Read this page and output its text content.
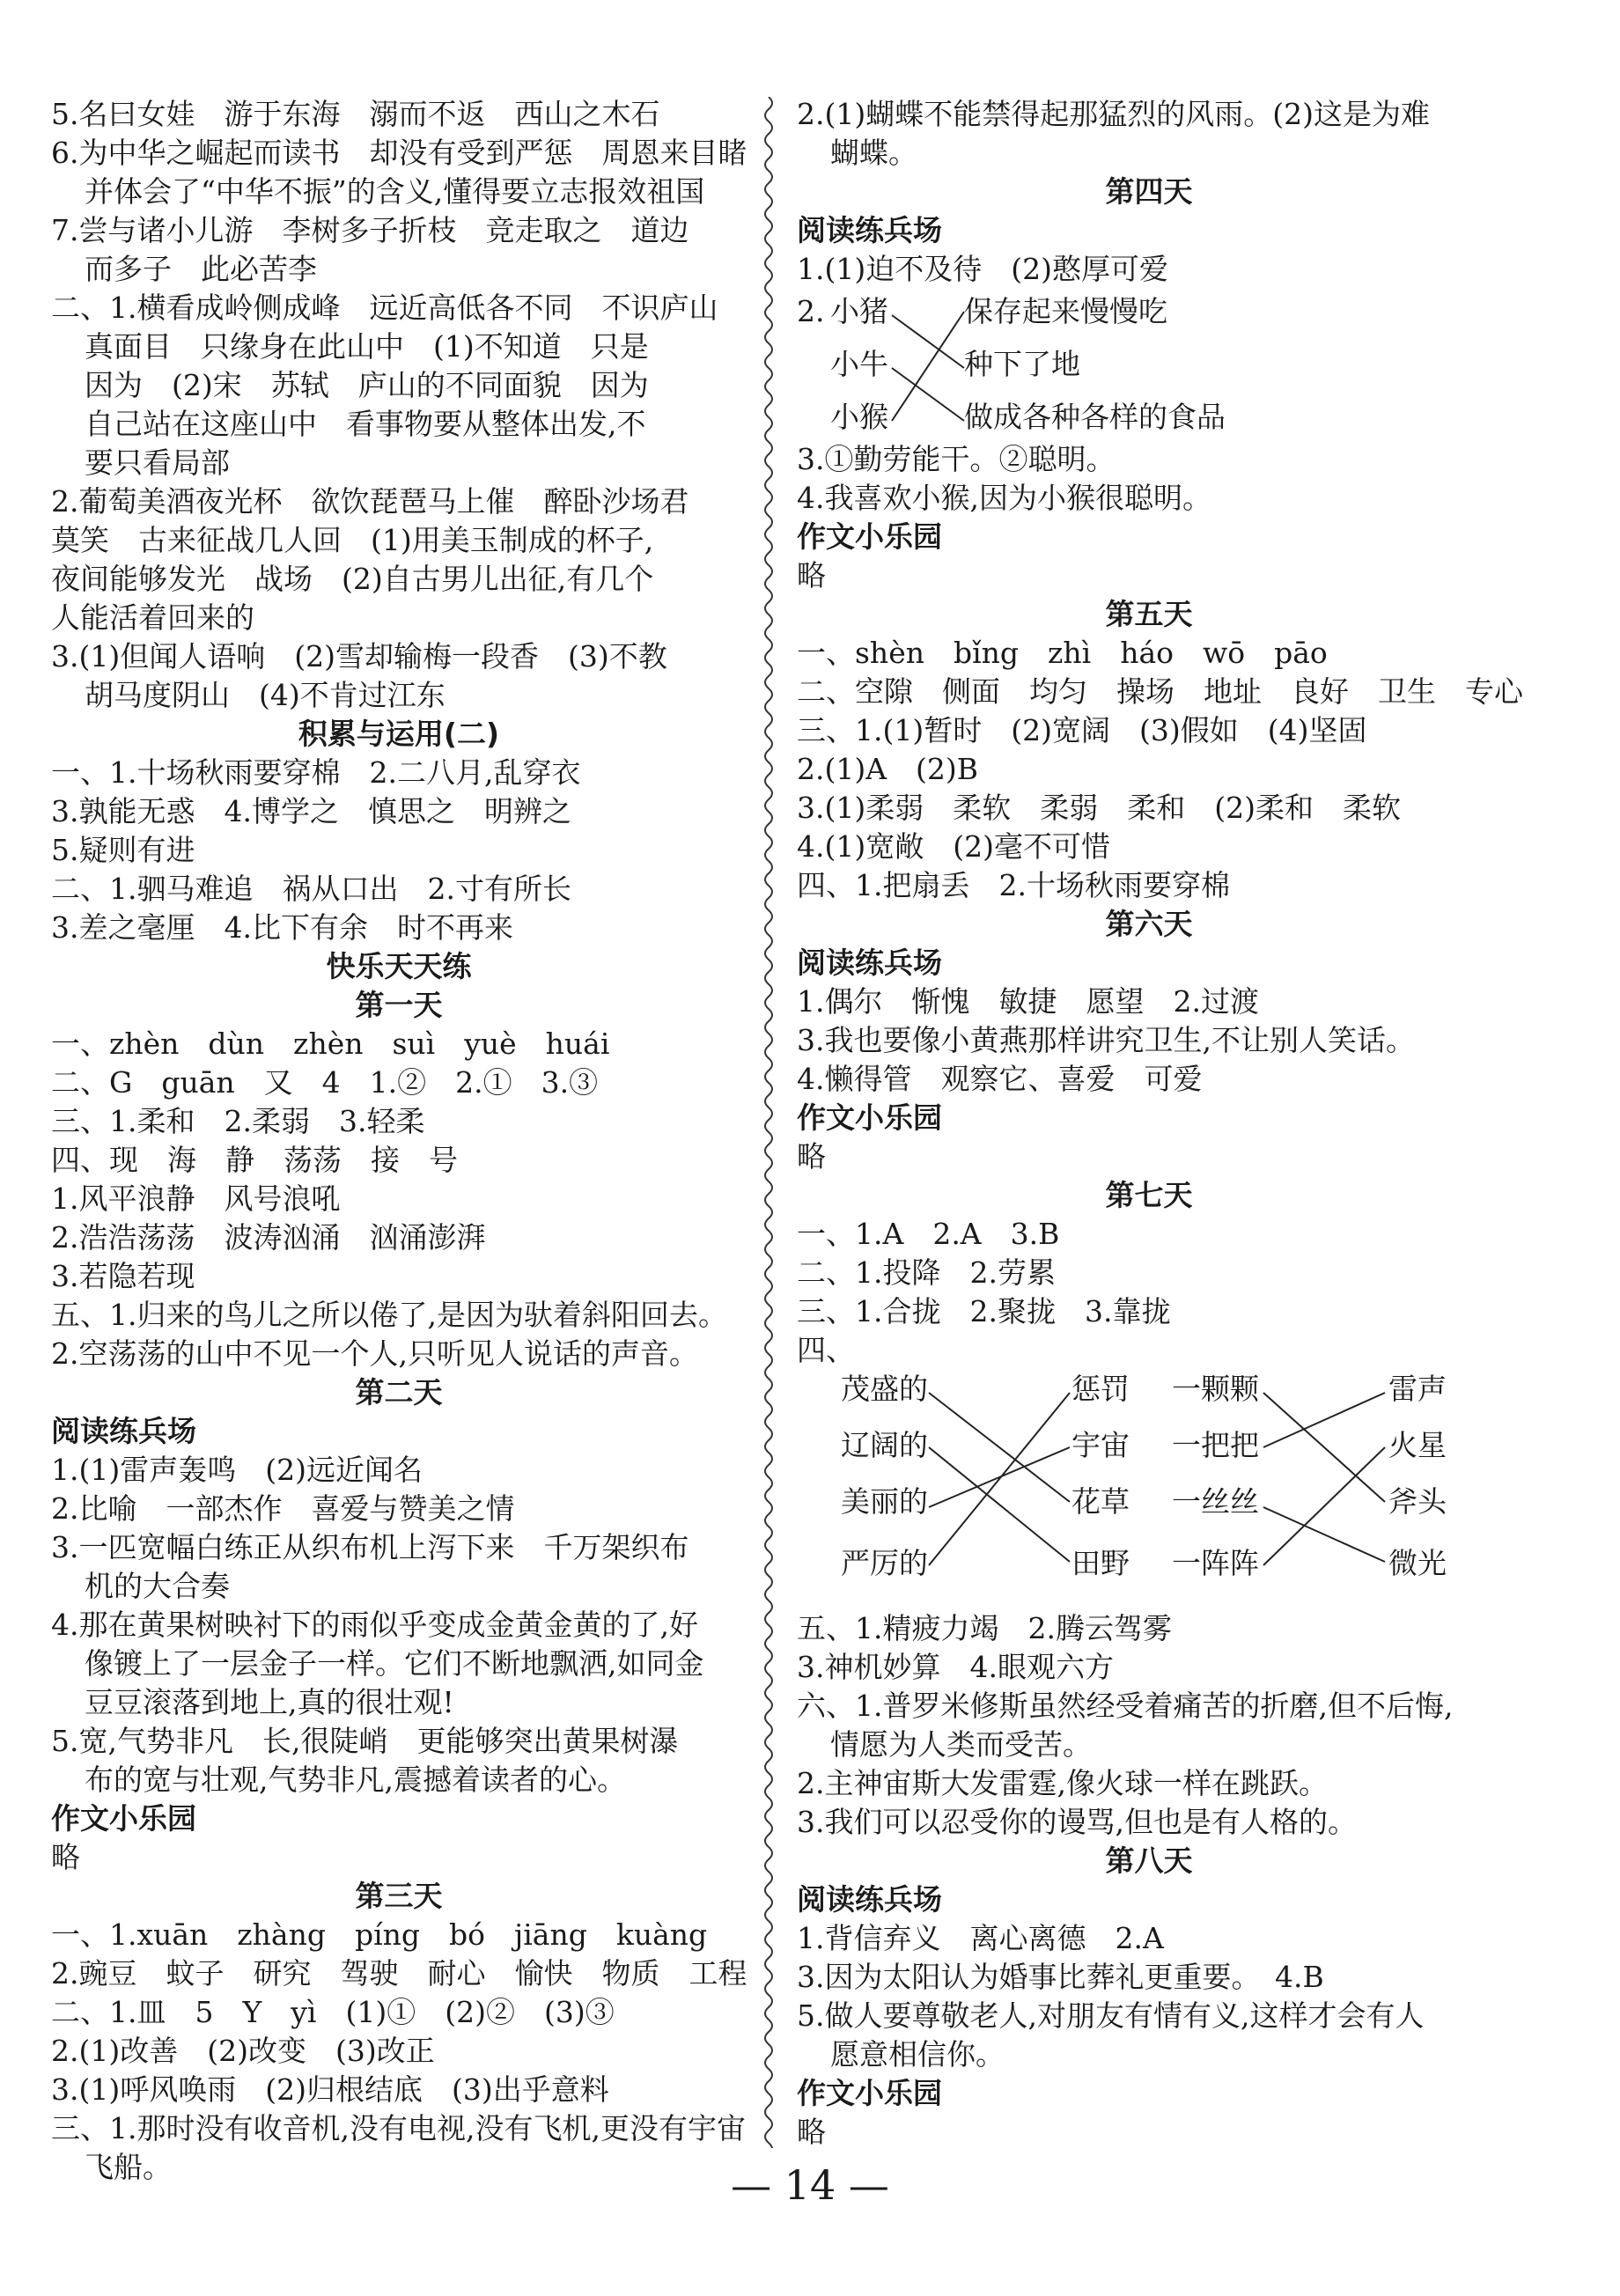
5.名曰女娃　游于东海　溺而不返　西山之木石
6.为中华之崛起而读书　却没有受到严惩　周恩来目睹
并体会了“中华不振”的含义,懂得要立志报效祖国
7.尝与诸小儿游　李树多子折枝　竞走取之　道边
而多子　此必苦李
二、1.横看成岭侧成峰　远近高低各不同　不识庐山
真面目　只缘身在此山中　(1)不知道　只是
因为　(2)宋　苏轼　庐山的不同面貌　因为
自己站在这座山中　看事物要从整体出发,不
要只看局部
2.葡萄美酒夜光杯　欲饮琵琶马上催　醉卧沙场君
莫笑　古来征战几人回　(1)用美玉制成的杯子,
夜间能够发光　战场　(2)自古男儿出征,有几个
人能活着回来的
3.(1)但闻人语响　(2)雪却输梅一段香　(3)不教
胡马度阴山　(4)不肯过江东
积累与运用(二)
一、1.十场秋雨要穿棉　2.二八月,乱穿衣
3.孰能无惑　4.博学之　慎思之　明辨之
5.疑则有进
二、1.驷马难追　祸从口出　2.寸有所长
3.差之毫厘　4.比下有余　时不再来
快乐天天练
第一天
一、zhèn　dùn　zhèn　suì　yuè　huái
二、G　guān　又　4　1.②　2.①　3.③
三、1.柔和　2.柔弱　3.轻柔
四、现　海　静　荡荡　接　号
1.风平浪静　风号浪吼
2.浩浩荡荡　波涛汹涌　汹涌澎湃
3.若隐若现
五、1.归来的鸟儿之所以倦了,是因为驮着斜阳回去。
2.空荡荡的山中不见一个人,只听见人说话的声音。
第二天
阅读练兵场
1.(1)雷声轰鸣　(2)远近闻名
2.比喻　一部杰作　喜爱与赞美之情
3.一匹宽幅白练正从织布机上泻下来　千万架织布
机的大合奏
4.那在黄果树映衬下的雨似乎变成金黄金黄的了,好
像镀上了一层金子一样。它们不断地飘洒,如同金
豆豆滚落到地上,真的很壮观!
5.宽,气势非凡　长,很陡峭　更能够突出黄果树瀑
布的宽与壮观,气势非凡,震撼着读者的心。
作文小乐园
略
第三天
一、1.xuān　zhàng　píng　bó　jiāng　kuàng
2.豌豆　蚊子　研究　驾驶　耐心　愉快　物质　工程
二、1.皿　5　Y　yì　(1)①　(2)②　(3)③
2.(1)改善　(2)改变　(3)改正
3.(1)呼风唤雨　(2)归根结底　(3)出乎意料
三、1.那时没有收音机,没有电视,没有飞机,更没有宇宙
飞船。
2.(1)蝴蝶不能禁得起那猛烈的风雨。(2)这是为难
蝴蝶。
第四天
阅读练兵场
1.(1)迫不及待　(2)憨厚可爱
2. 小猪
小牛
小猴
保存起来慢慢吃
种下了地
做成各种各样的食品
3.①勤劳能干。②聪明。
4.我喜欢小猴,因为小猴很聪明。
作文小乐园
略
第五天
一、shèn　bǐng　zhì　háo　wō　pāo
二、空隙　侧面　均匀　操场　地址　良好　卫生　专心
三、1.(1)暂时　(2)宽阔　(3)假如　(4)坚固
2.(1)A　(2)B
3.(1)柔弱　柔软　柔弱　柔和　(2)柔和　柔软
4.(1)宽敞　(2)毫不可惜
四、1.把扇丢　2.十场秋雨要穿棉
第六天
阅读练兵场
1.偶尔　惭愧　敏捷　愿望　2.过渡
3.我也要像小黄燕那样讲究卫生,不让别人笑话。
4.懒得管　观察它、喜爱　可爱
作文小乐园
略
第七天
一、1.A　2.A　3.B
二、1.投降　2.劳累
三、1.合拢　2.聚拢　3.靠拢
四、
茂盛的
辽阔的
美丽的
严厉的
惩罚
宇宙
花草
田野
一颗颗
一把把
一丝丝
一阵阵
雷声
火星
斧头
微光
五、1.精疲力竭　2.腾云驾雾
3.神机妙算　4.眼观六方
六、1.普罗米修斯虽然经受着痛苦的折磨,但不后悔,
情愿为人类而受苦。
2.主神宙斯大发雷霆,像火球一样在跳跃。
3.我们可以忍受你的谩骂,但也是有人格的。
第八天
阅读练兵场
1.背信弃义　离心离德　2.A
3.因为太阳认为婚事比葬礼更重要。　4.B
5.做人要尊敬老人,对朋友有情有义,这样才会有人
愿意相信你。
作文小乐园
略
— 14 —
